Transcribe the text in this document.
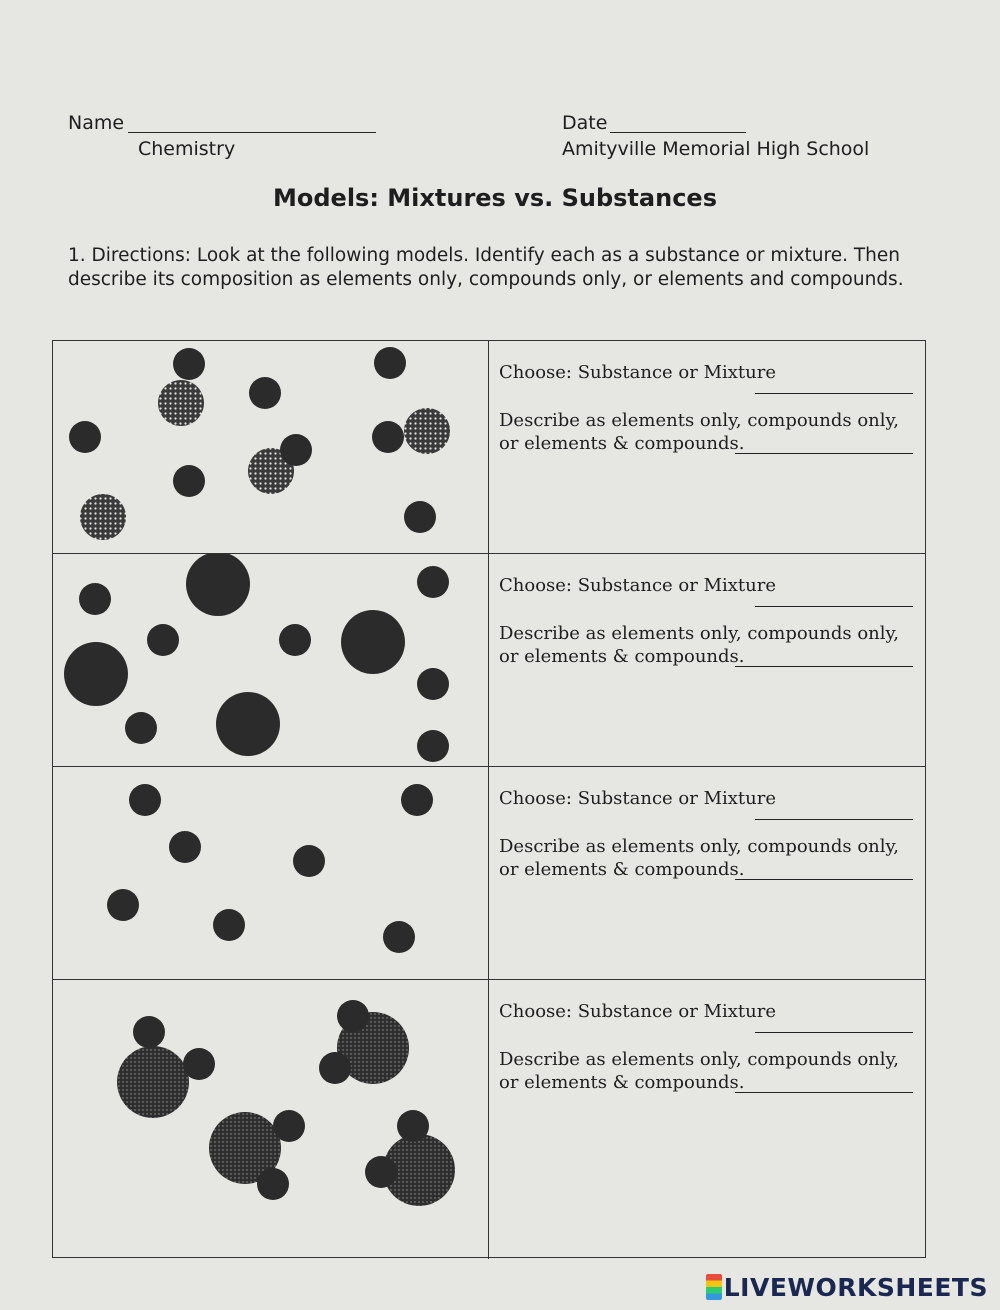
Name
Chemistry
Date
Amityville Memorial High School
Models: Mixtures vs. Substances
1. Directions: Look at the following models. Identify each as a substance or mixture. Then describe its composition as elements only, compounds only, or elements and compounds.
Choose: Substance or Mixture
Describe as elements only, compounds only, or elements & compounds.
Choose: Substance or Mixture
Describe as elements only, compounds only, or elements & compounds.
Choose: Substance or Mixture
Describe as elements only, compounds only, or elements & compounds.
Choose: Substance or Mixture
Describe as elements only, compounds only, or elements & compounds.
LIVEWORKSHEETS
